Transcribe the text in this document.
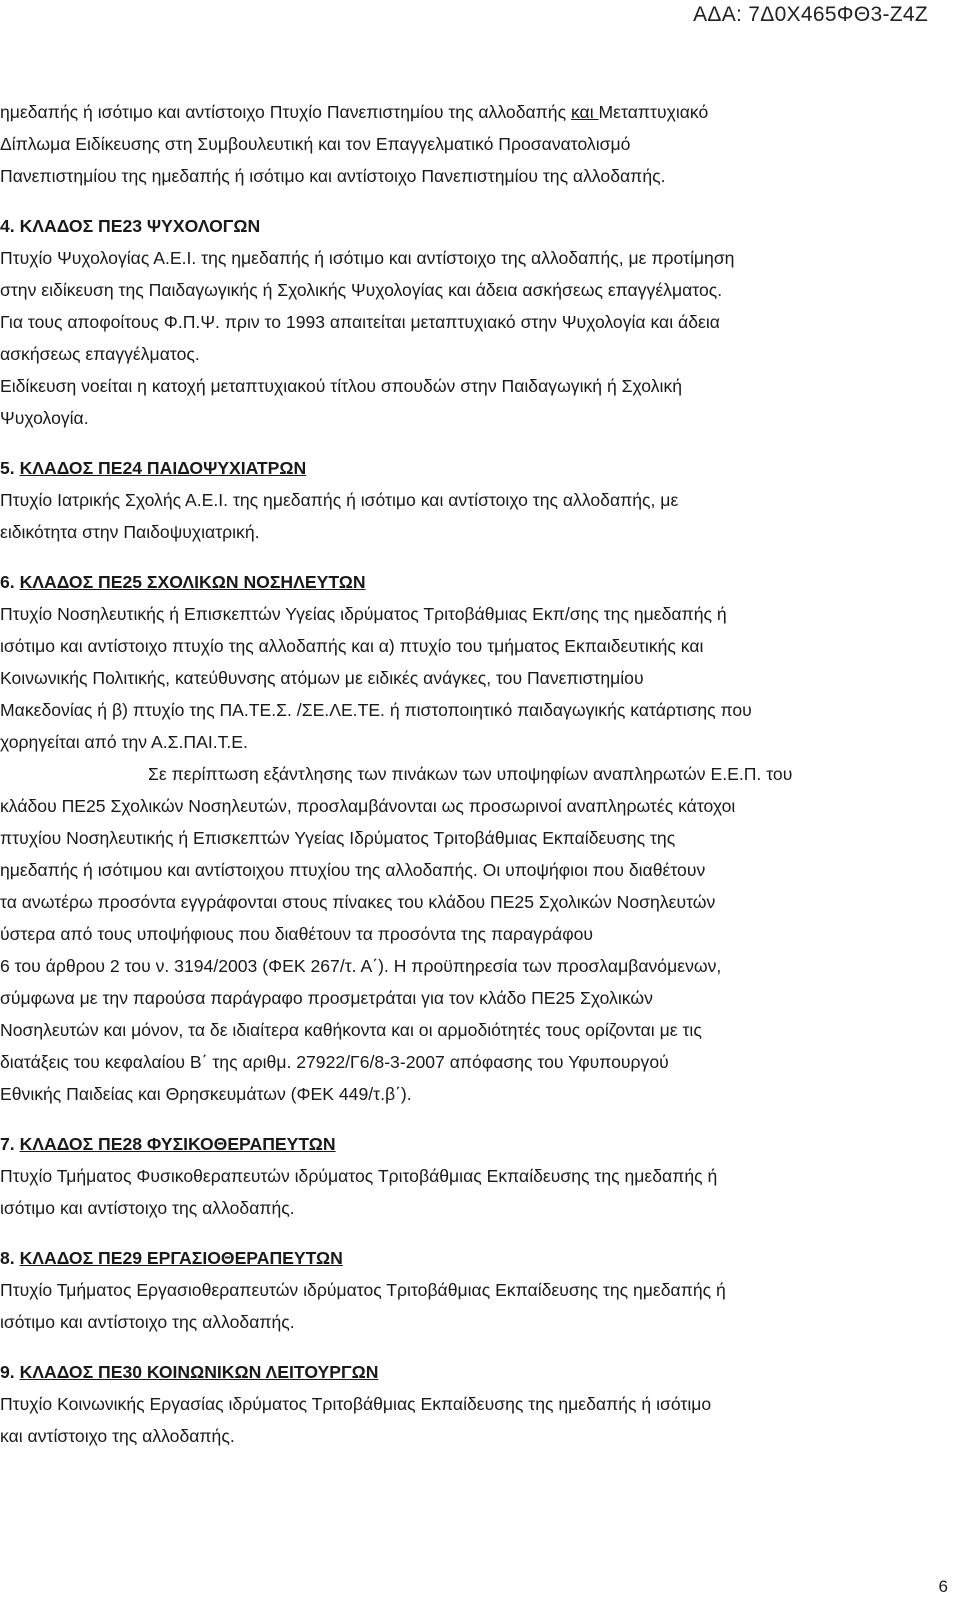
ΑΔΑ: 7Δ0Χ465ΦΘ3-Ζ4Ζ

ημεδαπής ή ισότιμο και αντίστοιχο Πτυχίο Πανεπιστημίου της αλλοδαπής και Μεταπτυχιακό

Δίπλωμα Ειδίκευσης στη Συμβουλευτική και τον Επαγγελματικό Προσανατολισμό

Πανεπιστημίου της ημεδαπής ή ισότιμο και αντίστοιχο Πανεπιστημίου της αλλοδαπής.

4. ΚΛΑΔΟΣ ΠΕ23 ΨΥΧΟΛΟΓΩΝ

Πτυχίο Ψυχολογίας Α.Ε.Ι. της ημεδαπής ή ισότιμο και αντίστοιχο της αλλοδαπής, με προτίμηση

στην ειδίκευση της Παιδαγωγικής ή Σχολικής Ψυχολογίας και άδεια ασκήσεως επαγγέλματος.

Για τους αποφοίτους Φ.Π.Ψ. πριν το 1993 απαιτείται μεταπτυχιακό στην Ψυχολογία και άδεια

ασκήσεως επαγγέλματος.

Ειδίκευση νοείται η κατοχή μεταπτυχιακού τίτλου σπουδών στην Παιδαγωγική ή Σχολική

Ψυχολογία.

5. ΚΛΑΔΟΣ ΠΕ24 ΠΑΙΔΟΨΥΧΙΑΤΡΩΝ

Πτυχίο Ιατρικής Σχολής Α.Ε.Ι. της ημεδαπής ή ισότιμο και αντίστοιχο της αλλοδαπής, με

ειδικότητα στην Παιδοψυχιατρική.

6. ΚΛΑΔΟΣ ΠΕ25 ΣΧΟΛΙΚΩΝ ΝΟΣΗΛΕΥΤΩΝ

Πτυχίο Νοσηλευτικής ή Επισκεπτών Υγείας ιδρύματος Τριτοβάθμιας Εκπ/σης της ημεδαπής ή

ισότιμο και αντίστοιχο πτυχίο της αλλοδαπής και α) πτυχίο του τμήματος Εκπαιδευτικής και

Κοινωνικής Πολιτικής, κατεύθυνσης ατόμων με ειδικές ανάγκες, του Πανεπιστημίου

Μακεδονίας ή β) πτυχίο της ΠΑ.ΤΕ.Σ. /ΣΕ.ΛΕ.ΤΕ. ή πιστοποιητικό παιδαγωγικής κατάρτισης που

χορηγείται από την Α.Σ.ΠΑΙ.Τ.Ε.

Σε περίπτωση εξάντλησης των πινάκων των υποψηφίων αναπληρωτών Ε.Ε.Π. του

κλάδου ΠΕ25 Σχολικών Νοσηλευτών, προσλαμβάνονται ως προσωρινοί αναπληρωτές κάτοχοι

πτυχίου Νοσηλευτικής ή Επισκεπτών Υγείας Ιδρύματος Τριτοβάθμιας Εκπαίδευσης της

ημεδαπής ή ισότιμου και αντίστοιχου πτυχίου της αλλοδαπής. Οι υποψήφιοι που διαθέτουν

τα ανωτέρω προσόντα εγγράφονται στους πίνακες του κλάδου ΠΕ25 Σχολικών Νοσηλευτών

ύστερα από τους υποψήφιους που διαθέτουν τα προσόντα της παραγράφου

6 του άρθρου 2 του ν. 3194/2003 (ΦΕΚ 267/τ. Α΄). Η προϋπηρεσία των προσλαμβανόμενων,

σύμφωνα με την παρούσα παράγραφο προσμετράται για τον κλάδο ΠΕ25 Σχολικών

Νοσηλευτών και μόνον, τα δε ιδιαίτερα καθήκοντα και οι αρμοδιότητές τους ορίζονται με τις

διατάξεις του κεφαλαίου Β΄ της αριθμ. 27922/Γ6/8-3-2007 απόφασης του Υφυπουργού

Εθνικής Παιδείας και Θρησκευμάτων (ΦΕΚ 449/τ.β΄).

7. ΚΛΑΔΟΣ ΠΕ28 ΦΥΣΙΚΟΘΕΡΑΠΕΥΤΩΝ

Πτυχίο Τμήματος Φυσικοθεραπευτών ιδρύματος Τριτοβάθμιας Εκπαίδευσης της ημεδαπής ή

ισότιμο και αντίστοιχο της αλλοδαπής.

8. ΚΛΑΔΟΣ ΠΕ29 ΕΡΓΑΣΙΟΘΕΡΑΠΕΥΤΩΝ

Πτυχίο Τμήματος Εργασιοθεραπευτών ιδρύματος Τριτοβάθμιας Εκπαίδευσης της ημεδαπής ή

ισότιμο και αντίστοιχο της αλλοδαπής.

9. ΚΛΑΔΟΣ ΠΕ30 ΚΟΙΝΩΝΙΚΩΝ ΛΕΙΤΟΥΡΓΩΝ

Πτυχίο Κοινωνικής Εργασίας ιδρύματος Τριτοβάθμιας Εκπαίδευσης της ημεδαπής ή ισότιμο

και αντίστοιχο της αλλοδαπής.

6
